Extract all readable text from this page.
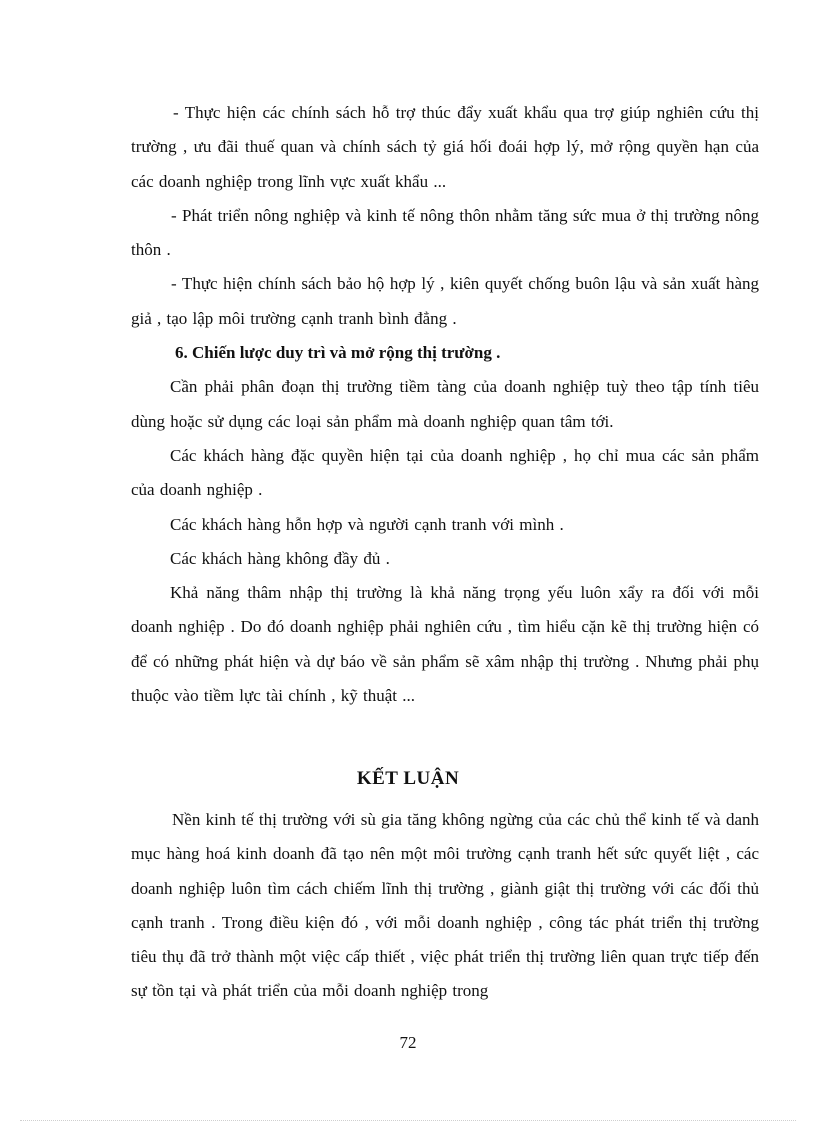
- Thực hiện các chính sách hỗ trợ thúc đẩy xuất khẩu qua trợ giúp nghiên cứu thị trường , ưu đãi thuế quan và chính sách tỷ giá hối đoái hợp lý, mở rộng quyền hạn của các doanh nghiệp trong lĩnh vực xuất khẩu ...

- Phát triển nông nghiệp và kinh tế nông thôn nhằm tăng sức mua ở thị trường nông thôn .

- Thực hiện chính sách bảo hộ hợp lý , kiên quyết chống buôn lậu và sản xuất hàng giả , tạo lập môi trường cạnh tranh bình đẳng .

6. Chiến lược duy trì và mở rộng thị trường .

Cần phải phân đoạn thị trường tiềm tàng của doanh nghiệp tuỳ theo tập tính tiêu dùng hoặc sử dụng các loại sản phẩm mà doanh nghiệp quan tâm tới.

Các khách hàng đặc quyền hiện tại của doanh nghiệp , họ chỉ mua các sản phẩm của doanh nghiệp .

Các khách hàng hỗn hợp và người cạnh tranh với mình .

Các khách hàng không đầy đủ .

Khả năng thâm nhập thị trường là khả năng trọng yếu luôn xẩy ra đối với mỗi doanh nghiệp . Do đó doanh nghiệp phải nghiên cứu , tìm hiểu cặn kẽ thị trường hiện có để có những phát hiện và dự báo về sản phẩm sẽ xâm nhập thị trường . Nhưng phải phụ thuộc vào tiềm lực tài chính , kỹ thuật ...

KẾT LUẬN

Nền kinh tế thị trường với sù gia tăng không ngừng của các chủ thể kinh tế và danh mục hàng hoá kinh doanh đã tạo nên một môi trường cạnh tranh hết sức quyết liệt , các doanh nghiệp luôn tìm cách chiếm lĩnh thị trường , giành giật thị trường với các đối thủ cạnh tranh . Trong điều kiện đó , với mỗi doanh nghiệp , công tác phát triển thị trường tiêu thụ đã trở thành một việc cấp thiết , việc phát triển thị trường liên quan trực tiếp đến sự tồn tại và phát triển của mỗi doanh nghiệp trong

72
